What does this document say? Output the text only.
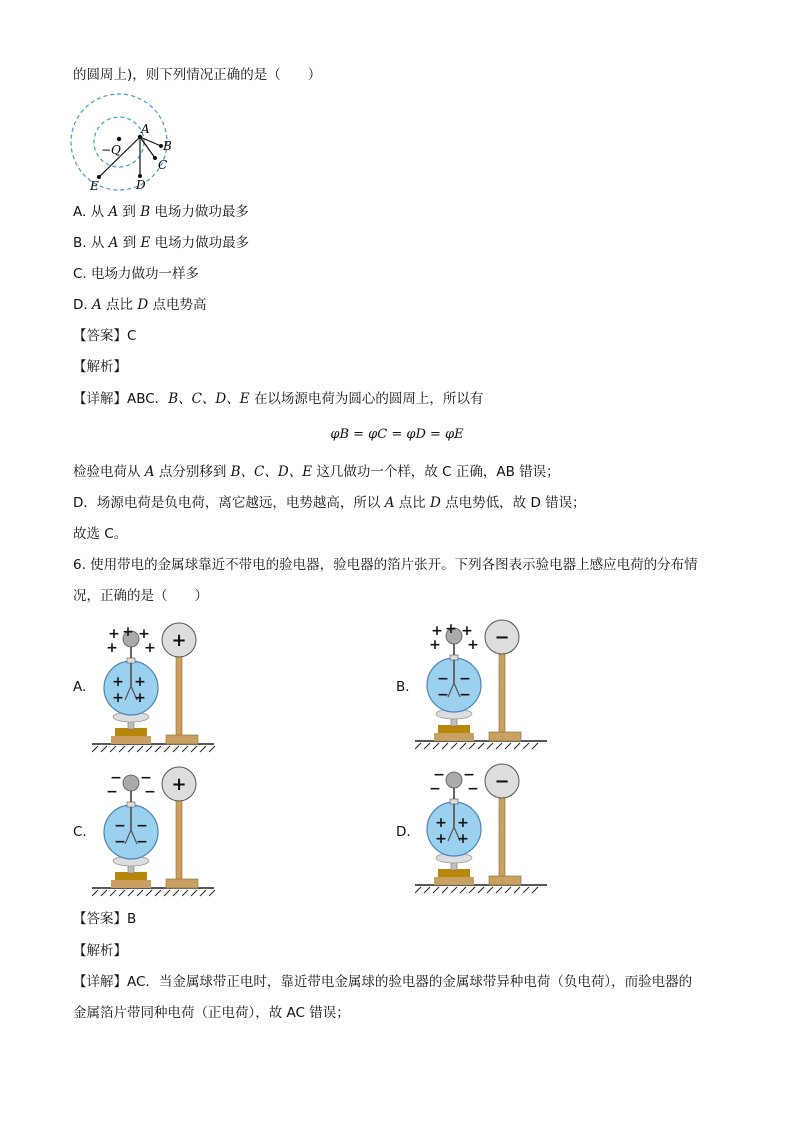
的圆周上)，则下列情况正确的是（　　）
A
B
C
D
E
−Q
A. 从 A 到 B 电场力做功最多
B. 从 A 到 E 电场力做功最多
C. 电场力做功一样多
D. A 点比 D 点电势高
【答案】C
【解析】
【详解】ABC．B、C、D、E 在以场源电荷为圆心的圆周上，所以有
φB = φC = φD = φE
检验电荷从 A 点分别移到 B、C、D、E 这几做功一个样，故 C 正确，AB 错误；
D．场源电荷是负电荷，离它越远，电势越高，所以 A 点比 D 点电势低，故 D 错误；
故选 C。
6. 使用带电的金属球靠近不带电的验电器，验电器的箔片张开。下列各图表示验电器上感应电荷的分布情
况，正确的是（　　）
A.	B.
C.	D.
+
+ + +
+ +
+ +
+ +
−
+ + +
+ +
− −
− −
+
− −
− −
− −
− −
−
− −
− −
+ +
+ +
【答案】B
【解析】
【详解】AC．当金属球带正电时，靠近带电金属球的验电器的金属球带异种电荷（负电荷），而验电器的
金属箔片带同种电荷（正电荷），故 AC 错误；
